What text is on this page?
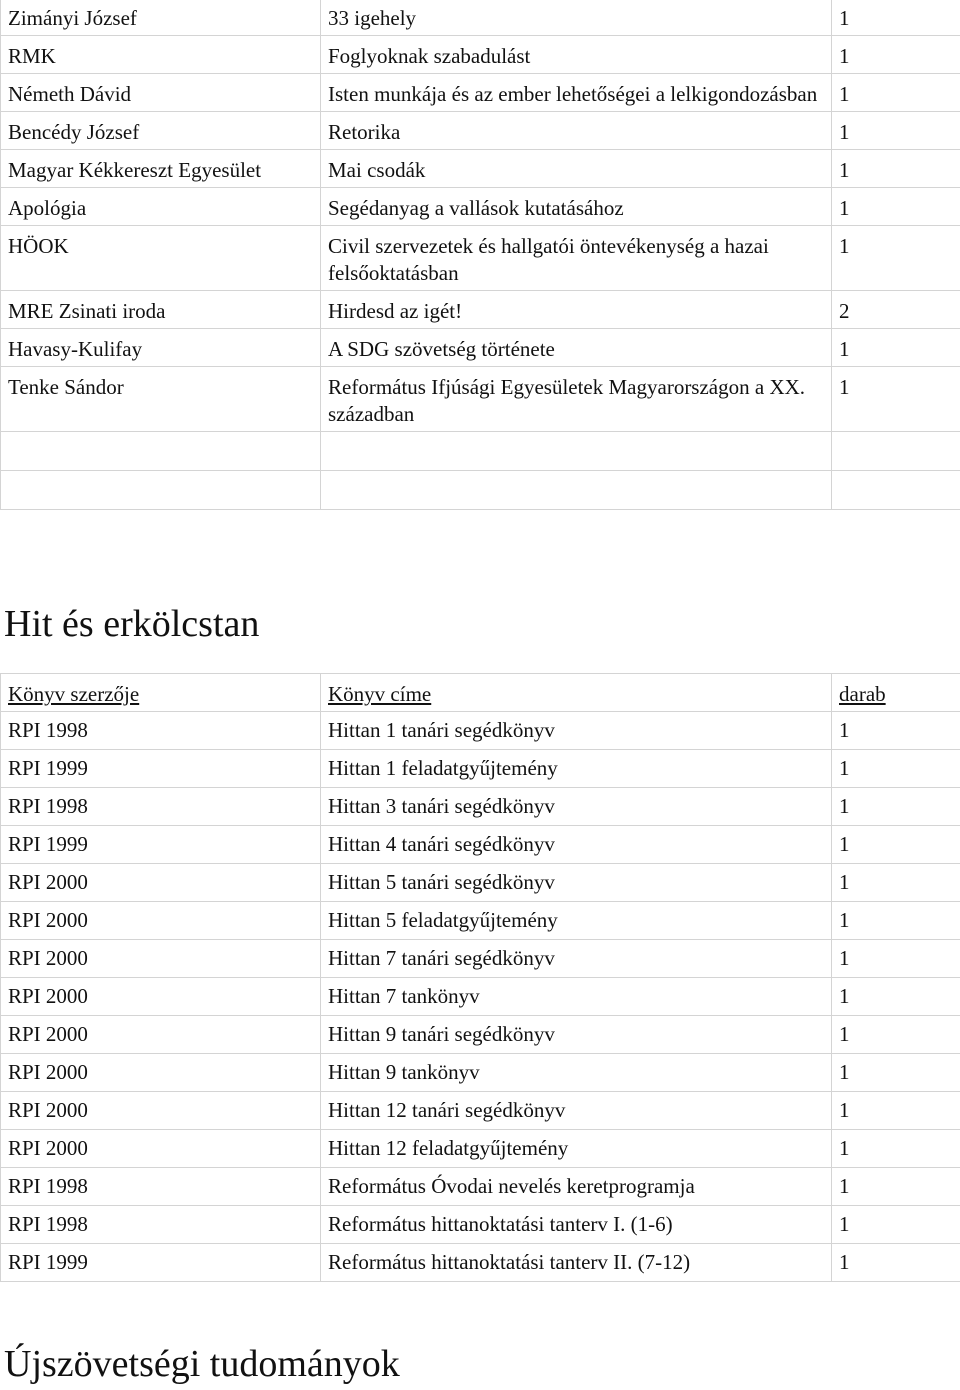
Zimányi József	33 igehely	1
RMK	Foglyoknak szabadulást	1
Németh Dávid	Isten munkája és az ember lehetőségei a lelkigondozásban	1
Bencédy József	Retorika	1
Magyar Kékkereszt Egyesület	Mai csodák	1
Apológia	Segédanyag a vallások kutatásához	1
HÖOK	Civil szervezetek és hallgatói öntevékenység a hazai felsőoktatásban	1
MRE Zsinati iroda	Hirdesd az igét!	2
Havasy-Kulifay	A SDG szövetség története	1
Tenke Sándor	Református Ifjúsági Egyesületek Magyarországon a XX. században	1

Hit és erkölcstan
Könyv szerzője	Könyv címe	darab
RPI 1998	Hittan 1 tanári segédkönyv	1
RPI 1999	Hittan 1 feladatgyűjtemény	1
RPI 1998	Hittan 3 tanári segédkönyv	1
RPI 1999	Hittan 4 tanári segédkönyv	1
RPI 2000	Hittan 5 tanári segédkönyv	1
RPI 2000	Hittan 5 feladatgyűjtemény	1
RPI 2000	Hittan 7 tanári segédkönyv	1
RPI 2000	Hittan 7 tankönyv	1
RPI 2000	Hittan 9 tanári segédkönyv	1
RPI 2000	Hittan 9 tankönyv	1
RPI 2000	Hittan 12 tanári segédkönyv	1
RPI 2000	Hittan 12 feladatgyűjtemény	1
RPI 1998	Református Óvodai nevelés keretprogramja	1
RPI 1998	Református hittanoktatási tanterv I. (1-6)	1
RPI 1999	Református hittanoktatási tanterv II. (7-12)	1
Újszövetségi tudományok
